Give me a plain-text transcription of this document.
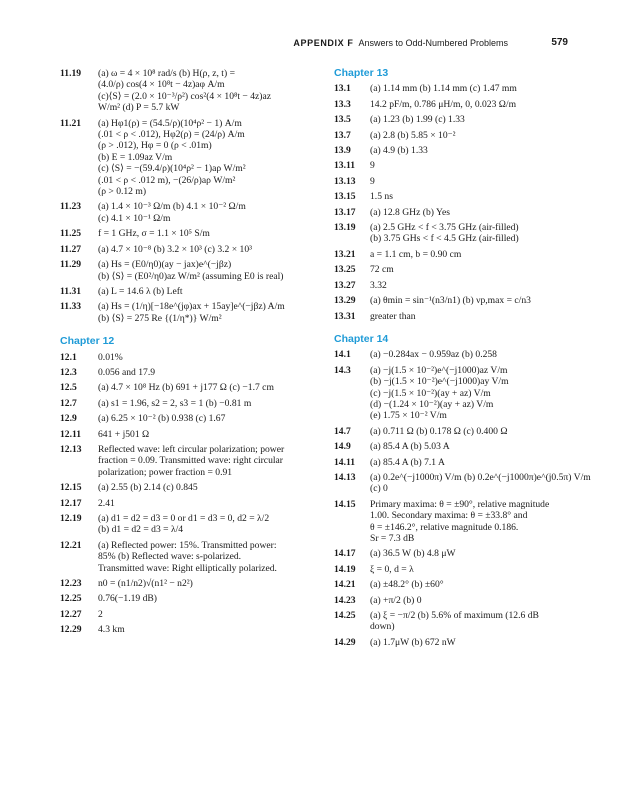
APPENDIX F Answers to Odd-Numbered Problems	579
11.19	(a) ω = 4 × 10⁸ rad/s (b) H(ρ, z, t) =
(4.0/ρ) cos(4 × 10⁸t − 4z)aφ A/m
(c)⟨S⟩ = (2.0 × 10⁻³/ρ²) cos²(4 × 10⁸t − 4z)az
W/m² (d) P = 5.7 kW
11.21	(a) Hφ1(ρ) = (54.5/ρ)(10⁴ρ² − 1) A/m
(.01 < ρ < .012), Hφ2(ρ) = (24/ρ) A/m
(ρ > .012), Hφ = 0 (ρ < .01m)
(b) E = 1.09az V/m
(c) ⟨S⟩ = −(59.4/ρ)(10⁴ρ² − 1)aρ W/m²
(.01 < ρ < .012 m), −(26/ρ)aρ W/m²
(ρ > 0.12 m)
11.23	(a) 1.4 × 10⁻³ Ω/m (b) 4.1 × 10⁻² Ω/m
(c) 4.1 × 10⁻¹ Ω/m
11.25	f = 1 GHz, σ = 1.1 × 10⁵ S/m
11.27	(a) 4.7 × 10⁻⁸ (b) 3.2 × 10³ (c) 3.2 × 10³
11.29	(a) Hs = (E0/η0)(ay − jax)e^(−jβz)
(b) ⟨S⟩ = (E0²/η0)az W/m² (assuming E0 is real)
11.31	(a) L = 14.6 λ (b) Left
11.33	(a) Hs = (1/η)[−18e^(jφ)ax + 15ay]e^(−jβz) A/m
(b) ⟨S⟩ = 275 Re {(1/η*)} W/m²
Chapter 12
12.1	0.01%
12.3	0.056 and 17.9
12.5	(a) 4.7 × 10⁸ Hz (b) 691 + j177 Ω (c) −1.7 cm
12.7	(a) s1 = 1.96, s2 = 2, s3 = 1 (b) −0.81 m
12.9	(a) 6.25 × 10⁻² (b) 0.938 (c) 1.67
12.11	641 + j501 Ω
12.13	Reflected wave: left circular polarization; power
fraction = 0.09. Transmitted wave: right circular
polarization; power fraction = 0.91
12.15	(a) 2.55 (b) 2.14 (c) 0.845
12.17	2.41
12.19	(a) d1 = d2 = d3 = 0 or d1 = d3 = 0, d2 = λ/2
(b) d1 = d2 = d3 = λ/4
12.21	(a) Reflected power: 15%. Transmitted power:
85% (b) Reflected wave: s-polarized.
Transmitted wave: Right elliptically polarized.
12.23	n0 = (n1/n2)√(n1² − n2²)
12.25	0.76(−1.19 dB)
12.27	2
12.29	4.3 km
Chapter 13
13.1	(a) 1.14 mm (b) 1.14 mm (c) 1.47 mm
13.3	14.2 pF/m, 0.786 μH/m, 0, 0.023 Ω/m
13.5	(a) 1.23 (b) 1.99 (c) 1.33
13.7	(a) 2.8 (b) 5.85 × 10⁻²
13.9	(a) 4.9 (b) 1.33
13.11	9
13.13	9
13.15	1.5 ns
13.17	(a) 12.8 GHz (b) Yes
13.19	(a) 2.5 GHz < f < 3.75 GHz (air-filled)
(b) 3.75 GHs < f < 4.5 GHz (air-filled)
13.21	a = 1.1 cm, b = 0.90 cm
13.25	72 cm
13.27	3.32
13.29	(a) θmin = sin⁻¹(n3/n1) (b) νp,max = c/n3
13.31	greater than
Chapter 14
14.1	(a) −0.284ax − 0.959az (b) 0.258
14.3	(a) −j(1.5 × 10⁻²)e^(−j1000)az V/m
(b) −j(1.5 × 10⁻²)e^(−j1000)ay V/m
(c) −j(1.5 × 10⁻²)(ay + az) V/m
(d) −(1.24 × 10⁻²)(ay + az) V/m
(e) 1.75 × 10⁻² V/m
14.7	(a) 0.711 Ω (b) 0.178 Ω (c) 0.400 Ω
14.9	(a) 85.4 A (b) 5.03 A
14.11	(a) 85.4 A (b) 7.1 A
14.13	(a) 0.2e^(−j1000π) V/m (b) 0.2e^(−j1000π)e^(j0.5π) V/m
(c) 0
14.15	Primary maxima: θ = ±90°, relative magnitude
1.00. Secondary maxima: θ = ±33.8° and
θ = ±146.2°, relative magnitude 0.186.
Sr = 7.3 dB
14.17	(a) 36.5 W (b) 4.8 μW
14.19	ξ = 0, d = λ
14.21	(a) ±48.2° (b) ±60°
14.23	(a) +π/2 (b) 0
14.25	(a) ξ = −π/2 (b) 5.6% of maximum (12.6 dB
down)
14.29	(a) 1.7μW (b) 672 nW
